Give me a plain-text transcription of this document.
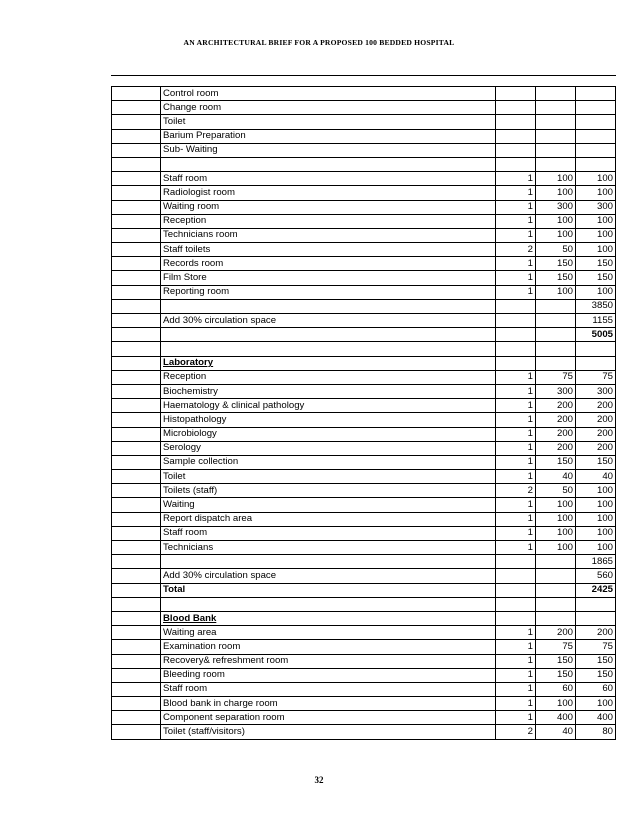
AN ARCHITECTURAL BRIEF FOR A PROPOSED 100 BEDDED HOSPITAL
	Control room			
	Change room			
	Toilet			
	Barium Preparation			
	Sub- Waiting			

	Staff room	1	100	100
	Radiologist room	1	100	100
	Waiting room	1	300	300
	Reception	1	100	100
	Technicians room	1	100	100
	Staff toilets	2	50	100
	Records room	1	150	150
	Film Store	1	150	150
	Reporting room	1	100	100
				3850
	Add 30% circulation space			1155
				5005

	Laboratory			
	Reception	1	75	75
	Biochemistry	1	300	300
	Haematology & clinical pathology	1	200	200
	Histopathology	1	200	200
	Microbiology	1	200	200
	Serology	1	200	200
	Sample collection	1	150	150
	Toilet	1	40	40
	Toilets (staff)	2	50	100
	Waiting	1	100	100
	Report dispatch area	1	100	100
	Staff room	1	100	100
	Technicians	1	100	100
				1865
	Add 30% circulation space			560
	Total			2425

	Blood Bank			
	Waiting area	1	200	200
	Examination room	1	75	75
	Recovery& refreshment room	1	150	150
	Bleeding room	1	150	150
	Staff room	1	60	60
	Blood bank in charge room	1	100	100
	Component separation room	1	400	400
	Toilet (staff/visitors)	2	40	80
32
